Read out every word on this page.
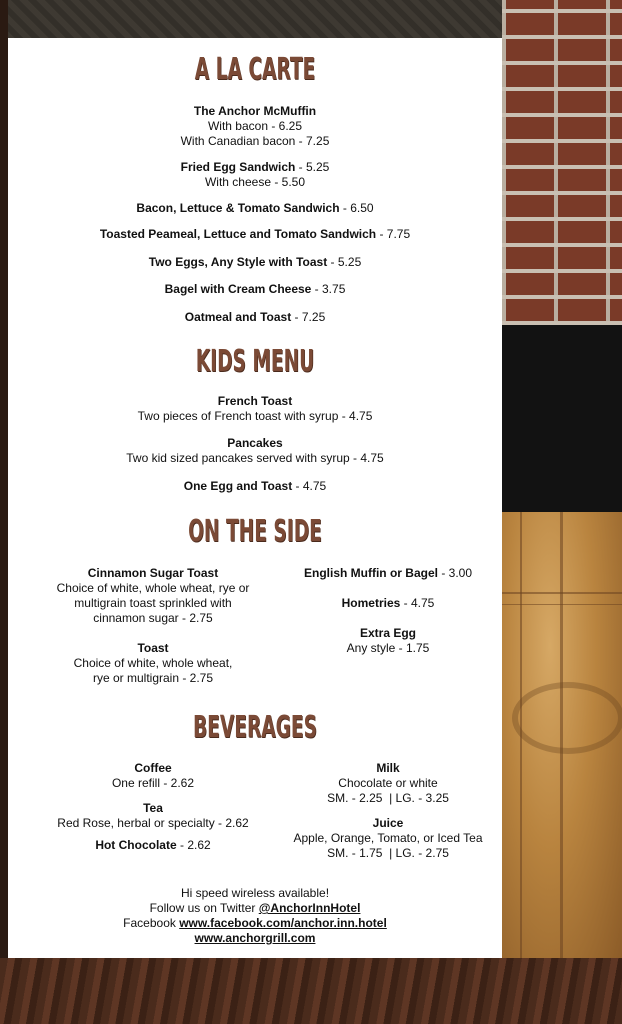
A LA CARTE
The Anchor McMuffin
With bacon - 6.25
With Canadian bacon - 7.25
Fried Egg Sandwich - 5.25
With cheese - 5.50
Bacon, Lettuce & Tomato Sandwich - 6.50
Toasted Peameal, Lettuce and Tomato Sandwich - 7.75
Two Eggs, Any Style with Toast - 5.25
Bagel with Cream Cheese - 3.75
Oatmeal and Toast - 7.25
KIDS MENU
French Toast
Two pieces of French toast with syrup - 4.75
Pancakes
Two kid sized pancakes served with syrup - 4.75
One Egg and Toast - 4.75
ON THE SIDE
Cinnamon Sugar Toast
Choice of white, whole wheat, rye or
multigrain toast sprinkled with
cinnamon sugar - 2.75
Toast
Choice of white, whole wheat,
rye or multigrain - 2.75
English Muffin or Bagel - 3.00
Hometries - 4.75
Extra Egg
Any style - 1.75
BEVERAGES
Coffee
One refill - 2.62
Tea
Red Rose, herbal or specialty - 2.62
Hot Chocolate - 2.62
Milk
Chocolate or white
SM. - 2.25  | LG. - 3.25
Juice
Apple, Orange, Tomato, or Iced Tea
SM. - 1.75  | LG. - 2.75
Hi speed wireless available!
Follow us on Twitter @AnchorInnHotel
Facebook www.facebook.com/anchor.inn.hotel
www.anchorgrill.com
